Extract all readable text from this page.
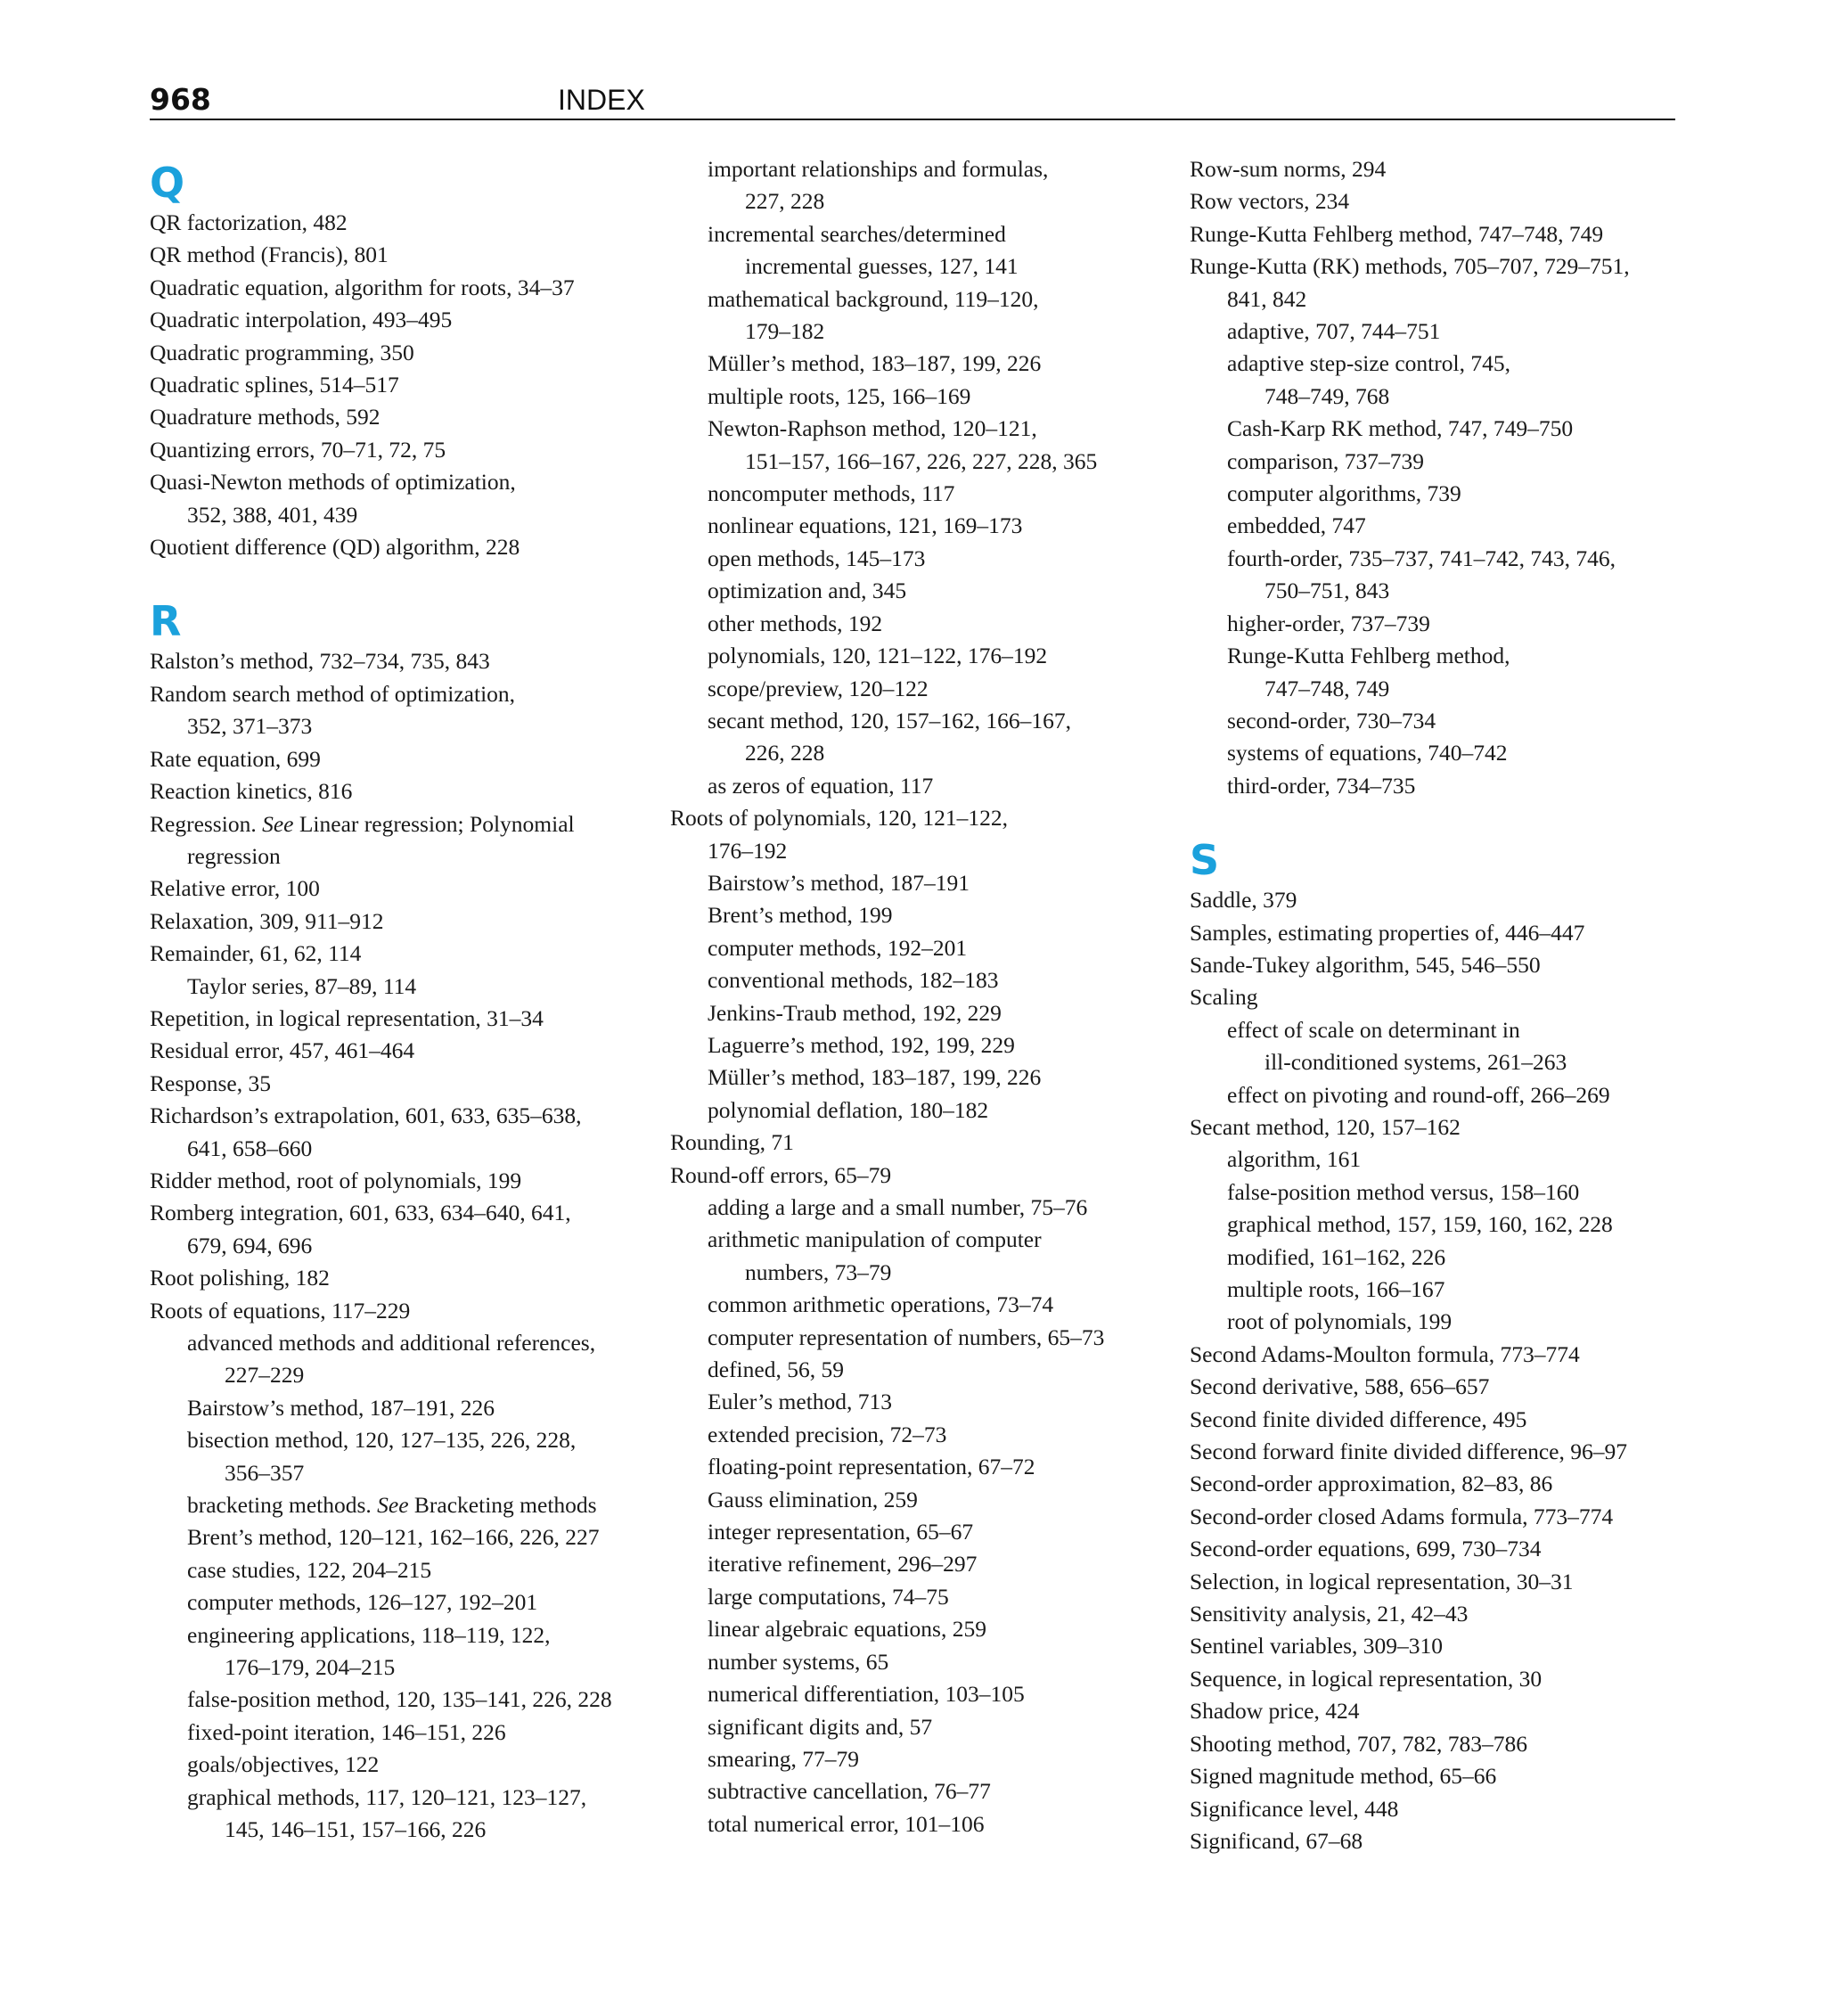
968	INDEX
Q
QR factorization, 482
QR method (Francis), 801
Quadratic equation, algorithm for roots, 34–37
Quadratic interpolation, 493–495
Quadratic programming, 350
Quadratic splines, 514–517
Quadrature methods, 592
Quantizing errors, 70–71, 72, 75
Quasi-Newton methods of optimization,
352, 388, 401, 439
Quotient difference (QD) algorithm, 228
R
Ralston’s method, 732–734, 735, 843
Random search method of optimization,
352, 371–373
Rate equation, 699
Reaction kinetics, 816
Regression. See Linear regression; Polynomial
regression
Relative error, 100
Relaxation, 309, 911–912
Remainder, 61, 62, 114
Taylor series, 87–89, 114
Repetition, in logical representation, 31–34
Residual error, 457, 461–464
Response, 35
Richardson’s extrapolation, 601, 633, 635–638,
641, 658–660
Ridder method, root of polynomials, 199
Romberg integration, 601, 633, 634–640, 641,
679, 694, 696
Root polishing, 182
Roots of equations, 117–229
advanced methods and additional references,
227–229
Bairstow’s method, 187–191, 226
bisection method, 120, 127–135, 226, 228,
356–357
bracketing methods. See Bracketing methods
Brent’s method, 120–121, 162–166, 226, 227
case studies, 122, 204–215
computer methods, 126–127, 192–201
engineering applications, 118–119, 122,
176–179, 204–215
false-position method, 120, 135–141, 226, 228
fixed-point iteration, 146–151, 226
goals/objectives, 122
graphical methods, 117, 120–121, 123–127,
145, 146–151, 157–166, 226
important relationships and formulas,
227, 228
incremental searches/determined
incremental guesses, 127, 141
mathematical background, 119–120,
179–182
Müller’s method, 183–187, 199, 226
multiple roots, 125, 166–169
Newton-Raphson method, 120–121,
151–157, 166–167, 226, 227, 228, 365
noncomputer methods, 117
nonlinear equations, 121, 169–173
open methods, 145–173
optimization and, 345
other methods, 192
polynomials, 120, 121–122, 176–192
scope/preview, 120–122
secant method, 120, 157–162, 166–167,
226, 228
as zeros of equation, 117
Roots of polynomials, 120, 121–122,
176–192
Bairstow’s method, 187–191
Brent’s method, 199
computer methods, 192–201
conventional methods, 182–183
Jenkins-Traub method, 192, 229
Laguerre’s method, 192, 199, 229
Müller’s method, 183–187, 199, 226
polynomial deflation, 180–182
Rounding, 71
Round-off errors, 65–79
adding a large and a small number, 75–76
arithmetic manipulation of computer
numbers, 73–79
common arithmetic operations, 73–74
computer representation of numbers, 65–73
defined, 56, 59
Euler’s method, 713
extended precision, 72–73
floating-point representation, 67–72
Gauss elimination, 259
integer representation, 65–67
iterative refinement, 296–297
large computations, 74–75
linear algebraic equations, 259
number systems, 65
numerical differentiation, 103–105
significant digits and, 57
smearing, 77–79
subtractive cancellation, 76–77
total numerical error, 101–106
Row-sum norms, 294
Row vectors, 234
Runge-Kutta Fehlberg method, 747–748, 749
Runge-Kutta (RK) methods, 705–707, 729–751,
841, 842
adaptive, 707, 744–751
adaptive step-size control, 745,
748–749, 768
Cash-Karp RK method, 747, 749–750
comparison, 737–739
computer algorithms, 739
embedded, 747
fourth-order, 735–737, 741–742, 743, 746,
750–751, 843
higher-order, 737–739
Runge-Kutta Fehlberg method,
747–748, 749
second-order, 730–734
systems of equations, 740–742
third-order, 734–735
S
Saddle, 379
Samples, estimating properties of, 446–447
Sande-Tukey algorithm, 545, 546–550
Scaling
effect of scale on determinant in
ill-conditioned systems, 261–263
effect on pivoting and round-off, 266–269
Secant method, 120, 157–162
algorithm, 161
false-position method versus, 158–160
graphical method, 157, 159, 160, 162, 228
modified, 161–162, 226
multiple roots, 166–167
root of polynomials, 199
Second Adams-Moulton formula, 773–774
Second derivative, 588, 656–657
Second finite divided difference, 495
Second forward finite divided difference, 96–97
Second-order approximation, 82–83, 86
Second-order closed Adams formula, 773–774
Second-order equations, 699, 730–734
Selection, in logical representation, 30–31
Sensitivity analysis, 21, 42–43
Sentinel variables, 309–310
Sequence, in logical representation, 30
Shadow price, 424
Shooting method, 707, 782, 783–786
Signed magnitude method, 65–66
Significance level, 448
Significand, 67–68
